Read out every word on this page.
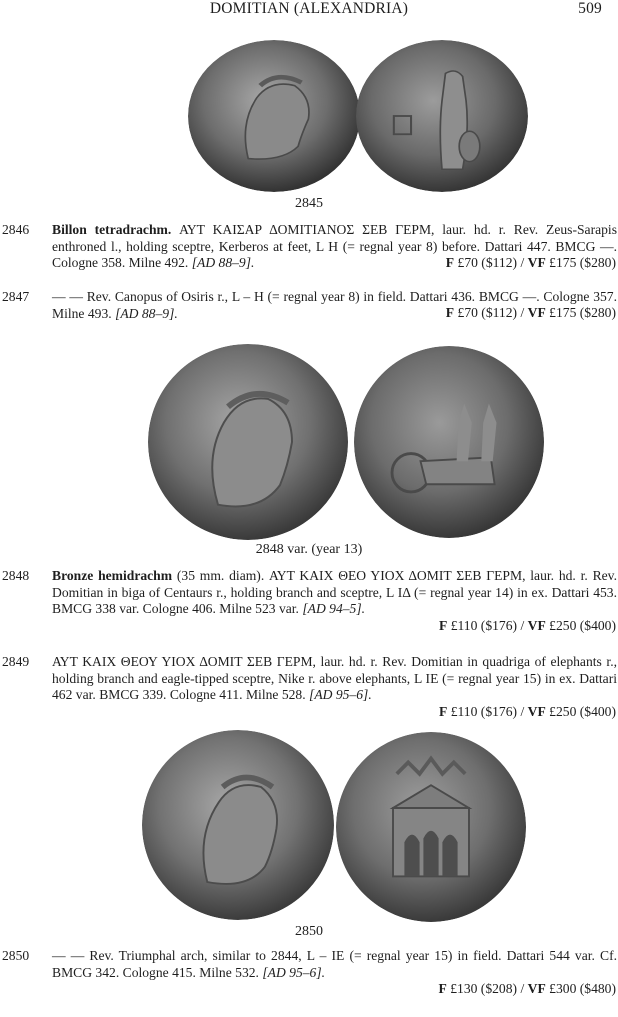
DOMITIAN (ALEXANDRIA)	509
2845
2846 Billon tetradrachm. ΑΥΤ ΚΑΙΣΑΡ ΔΟΜΙΤΙΑΝΟΣ ΣΕΒ ΓΕΡΜ, laur. hd. r. Rev. Zeus-Sarapis enthroned l., holding sceptre, Kerberos at feet, L H (= regnal year 8) before. Dattari 447. BMCG —. Cologne 358. Milne 492. [AD 88–9].	F £70 ($112) / VF £175 ($280)
2847 — — Rev. Canopus of Osiris r., L – H (= regnal year 8) in field. Dattari 436. BMCG —. Cologne 357. Milne 493. [AD 88–9].	F £70 ($112) / VF £175 ($280)
2848 var. (year 13)
2848 Bronze hemidrachm (35 mm. diam). ΑΥΤ ΚΑΙΧ ΘΕΟ ΥΙΟΧ ΔΟΜΙΤ ΣΕΒ ΓΕΡΜ, laur. hd. r. Rev. Domitian in biga of Centaurs r., holding branch and sceptre, L IΔ (= regnal year 14) in ex. Dattari 453. BMCG 338 var. Cologne 406. Milne 523 var. [AD 94–5].
F £110 ($176) / VF £250 ($400)
2849 ΑΥΤ ΚΑΙΧ ΘΕΟΥ ΥΙΟΧ ΔΟΜΙΤ ΣΕΒ ΓΕΡΜ, laur. hd. r. Rev. Domitian in quadriga of elephants r., holding branch and eagle-tipped sceptre, Nike r. above elephants, L IE (= regnal year 15) in ex. Dattari 462 var. BMCG 339. Cologne 411. Milne 528. [AD 95–6].
F £110 ($176) / VF £250 ($400)
2850
2850 — — Rev. Triumphal arch, similar to 2844, L – IE (= regnal year 15) in field. Dattari 544 var. Cf. BMCG 342. Cologne 415. Milne 532. [AD 95–6].
F £130 ($208) / VF £300 ($480)
